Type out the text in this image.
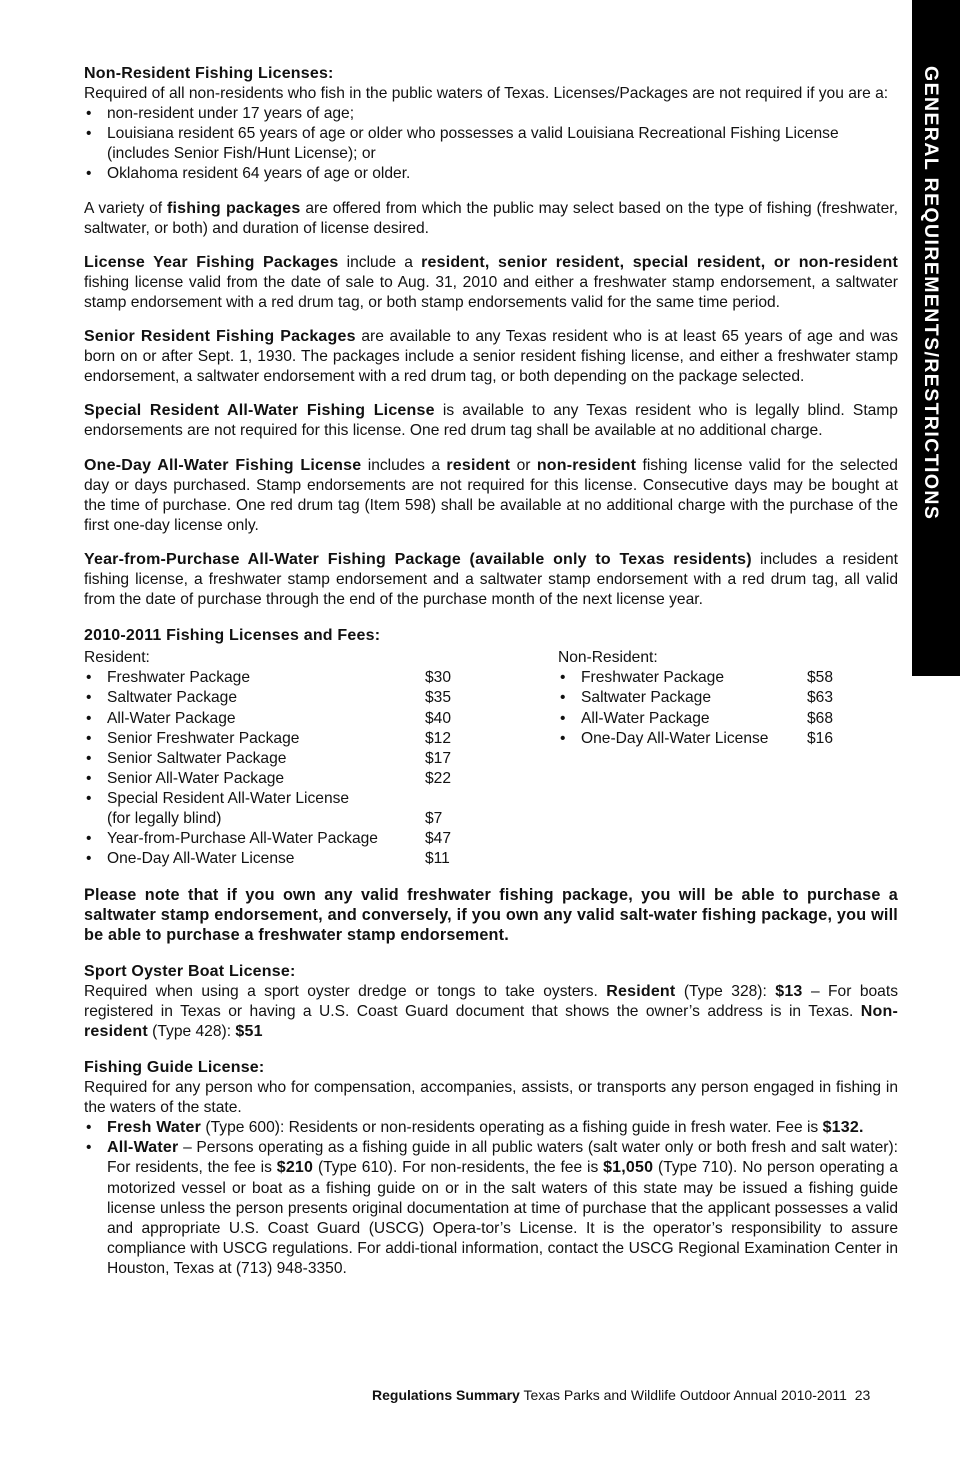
GENERAL REQUIREMENTS/RESTRICTIONS
Non-Resident Fishing Licenses:

Required of all non-residents who fish in the public waters of Texas. Licenses/Packages are not required if you are a:

• non-resident under 17 years of age;
• Louisiana resident 65 years of age or older who possesses a valid Louisiana Recreational Fishing License (includes Senior Fish/Hunt License); or
• Oklahoma resident 64 years of age or older.

A variety of fishing packages are offered from which the public may select based on the type of fishing (freshwater, saltwater, or both) and duration of license desired.

License Year Fishing Packages include a resident, senior resident, special resident, or non-resident fishing license valid from the date of sale to Aug. 31, 2010 and either a freshwater stamp endorsement, a saltwater stamp endorsement with a red drum tag, or both stamp endorsements valid for the same time period.

Senior Resident Fishing Packages are available to any Texas resident who is at least 65 years of age and was born on or after Sept. 1, 1930. The packages include a senior resident fishing license, and either a freshwater stamp endorsement, a saltwater endorsement with a red drum tag, or both depending on the package selected.

Special Resident All-Water Fishing License is available to any Texas resident who is legally blind. Stamp endorsements are not required for this license. One red drum tag shall be available at no additional charge.

One-Day All-Water Fishing License includes a resident or non-resident fishing license valid for the selected day or days purchased. Stamp endorsements are not required for this license. Consecutive days may be bought at the time of purchase. One red drum tag (Item 598) shall be available at no additional charge with the purchase of the first one-day license only.

Year-from-Purchase All-Water Fishing Package (available only to Texas residents) includes a resident fishing license, a freshwater stamp endorsement and a saltwater stamp endorsement with a red drum tag, all valid from the date of purchase through the end of the purchase month of the next license year.

2010-2011 Fishing Licenses and Fees:
Resident:
• Freshwater Package	$30
• Saltwater Package	$35
• All-Water Package	$40
• Senior Freshwater Package	$12
• Senior Saltwater Package	$17
• Senior All-Water Package	$22
• Special Resident All-Water License
(for legally blind)	$7
• Year-from-Purchase All-Water Package	$47
• One-Day All-Water License	$11
Non-Resident:
• Freshwater Package	$58
• Saltwater Package	$63
• All-Water Package	$68
• One-Day All-Water License	$16

Please note that if you own any valid freshwater fishing package, you will be able to purchase a saltwater stamp endorsement, and conversely, if you own any valid salt-water fishing package, you will be able to purchase a freshwater stamp endorsement.

Sport Oyster Boat License:

Required when using a sport oyster dredge or tongs to take oysters. Resident (Type 328): $13 – For boats registered in Texas or having a U.S. Coast Guard document that shows the owner’s address is in Texas. Non-resident (Type 428): $51

Fishing Guide License:

Required for any person who for compensation, accompanies, assists, or transports any person engaged in fishing in the waters of the state.

• Fresh Water (Type 600): Residents or non-residents operating as a fishing guide in fresh water. Fee is $132.
• All-Water – Persons operating as a fishing guide in all public waters (salt water only or both fresh and salt water): For residents, the fee is $210 (Type 610). For non-residents, the fee is $1,050 (Type 710). No person operating a motorized vessel or boat as a fishing guide on or in the salt waters of this state may be issued a fishing guide license unless the person presents original documentation at time of purchase that the applicant possesses a valid and appropriate U.S. Coast Guard (USCG) Opera-tor’s License. It is the operator’s responsibility to assure compliance with USCG regulations. For addi-tional information, contact the USCG Regional Examination Center in Houston, Texas at (713) 948-3350.
Regulations Summary Texas Parks and Wildlife Outdoor Annual 2010-2011 23
